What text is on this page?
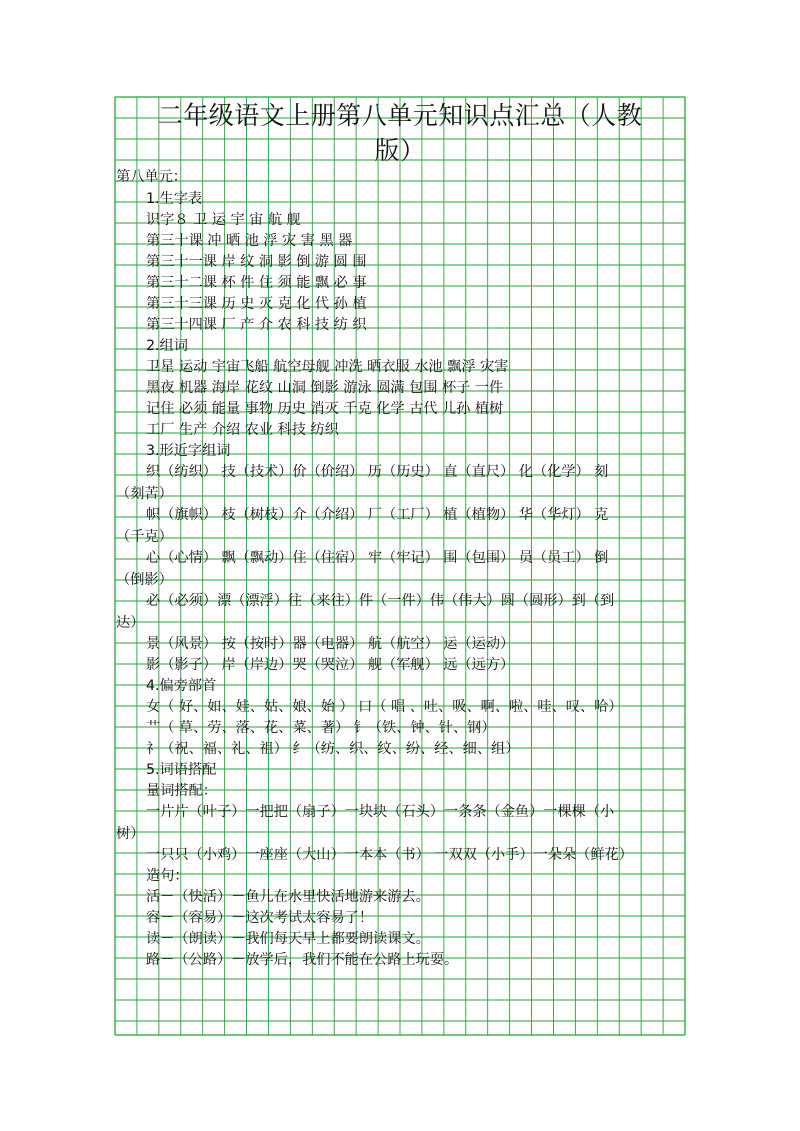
二年级语文上册第八单元知识点汇总（人教
版）
第八单元：
1.生字表
识字８ 卫 运 宇 宙 航 舰
第三十课 冲 晒 池 浮 灾 害 黑 器
第三十一课 岸 纹 洞 影 倒 游 圆 围
第三十二课 杯 件 住 须 能 飘 必 事
第三十三课 历 史 灭 克 化 代 孙 植
第三十四课 厂 产 介 农 科 技 纺 织
2.组词
卫星 运动 宇宙飞船 航空母舰 冲洗 晒衣服 水池 飘浮 灾害
黑夜 机器 海岸 花纹 山洞 倒影 游泳 圆满 包围 杯子 一件
记住 必须 能量 事物 历史 消灭 千克 化学 古代 儿孙 植树
工厂 生产 介绍 农业 科技 纺织
3.形近字组词
织（纺织） 技（技术）价（价绍） 历（历史） 直（直尺） 化（化学） 刻
（刻苦）
帜（旗帜） 枝（树枝）介（介绍） 厂（工厂） 植（植物） 华（华灯） 克
（千克）
心（心情） 飘（飘动）住（住宿） 牢（牢记） 围（包围） 员（员工） 倒
（倒影）
必（必须）漂（漂浮）往（来往）件（一件）伟（伟大）圆（圆形）到（到
达）
景（风景） 按（按时）器（电器） 航（航空） 运（运动）
影（影子） 岸（岸边）哭（哭泣） 舰（军舰） 远（远方）
4.偏旁部首
女（ 好、如、娃、姑、娘、始 ） 口（ 唱 、吐、吸、啊、啦、哇、叹、哈）
艹（ 草、劳、落、花、菜、著） 钅（铁、钟、针、钢）
礻（祝、福、礼、祖） 纟（纺、织、纹、纷、经、细、组）
5.词语搭配
量词搭配：
一片片（叶子）一把把（扇子）一块块（石头）一条条（金鱼）一棵棵（小
树）
一只只（小鸡）一座座（大山）一本本（书） 一双双（小手）一朵朵（鲜花）
造句：
活－（快活）－鱼儿在水里快活地游来游去。
容－（容易）－这次考试太容易了！
读－（朗读）－我们每天早上都要朗读课文。
路－（公路）－放学后，我们不能在公路上玩耍。
